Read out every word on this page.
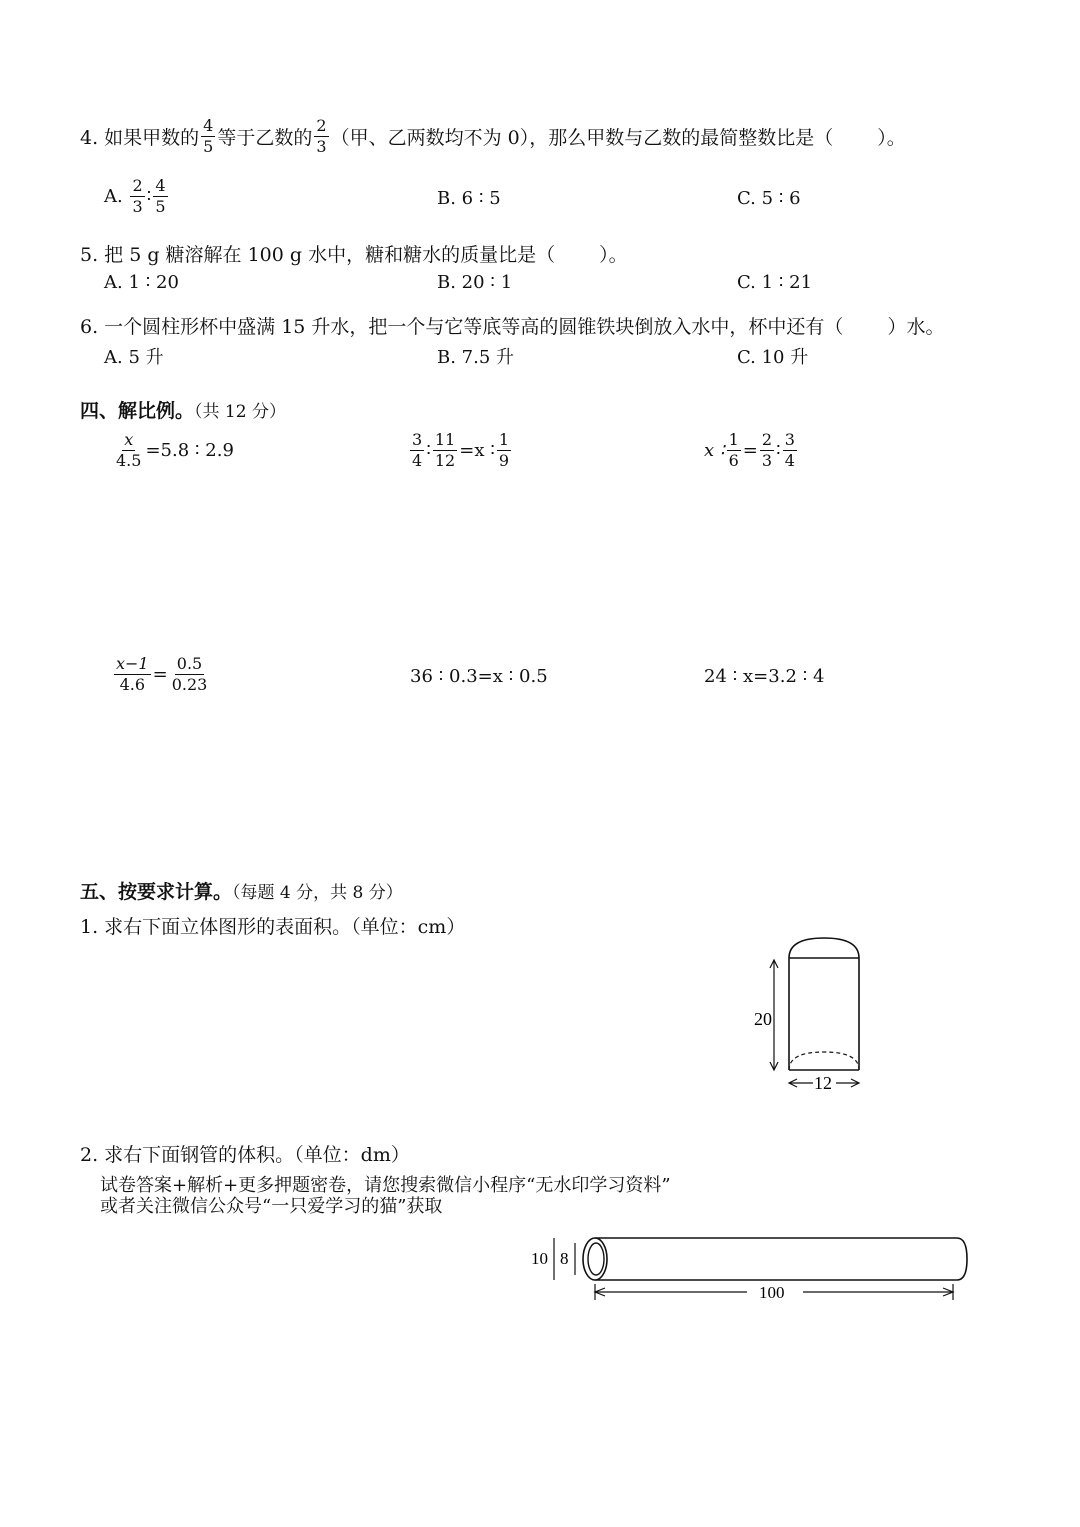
4. 如果甲数的 $\frac{4}{5}$ 等于乙数的 $\frac{2}{3}$ （甲、乙两数均不为 0），那么甲数与乙数的最简整数比是（ ）。
A.
$\frac{2}{3}$ ∶ $\frac{4}{5}$	B. 6 ∶ 5	C. 5 ∶ 6
5. 把 5 g 糖溶解在 100 g 水中，糖和糖水的质量比是（ ）。
A. 1 ∶ 20	B. 20 ∶ 1	C. 1 ∶ 21
6. 一个圆柱形杯中盛满 15 升水，把一个与它等底等高的圆锥铁块倒放入水中，杯中还有（ ）水。
A. 5 升	B. 7.5 升	C. 10 升
四、解比例。（共 12 分）
$\frac{x}{4.5} =5.8$ ∶ 2.9	$\frac{3}{4}$ ∶ $\frac{11}{12} =x$ ∶ $\frac{1}{9}$	x ∶ $\frac{1}{6} = \frac{2}{3}$ ∶ $\frac{3}{4}$
$\frac{x-1}{4.6} = \frac{0.5}{0.23}$	36 ∶ 0.3=x ∶ 0.5	24 ∶ x=3.2 ∶ 4
五、按要求计算。（每题 4 分，共 8 分）
1. 求右下面立体图形的表面积。（单位：cm）
20
12
2. 求右下面钢管的体积。（单位：dm）
试卷答案+解析+更多押题密卷，请您搜索微信小程序“无水印学习资料”
或者关注微信公众号“一只爱学习的猫”获取
10 8
100
